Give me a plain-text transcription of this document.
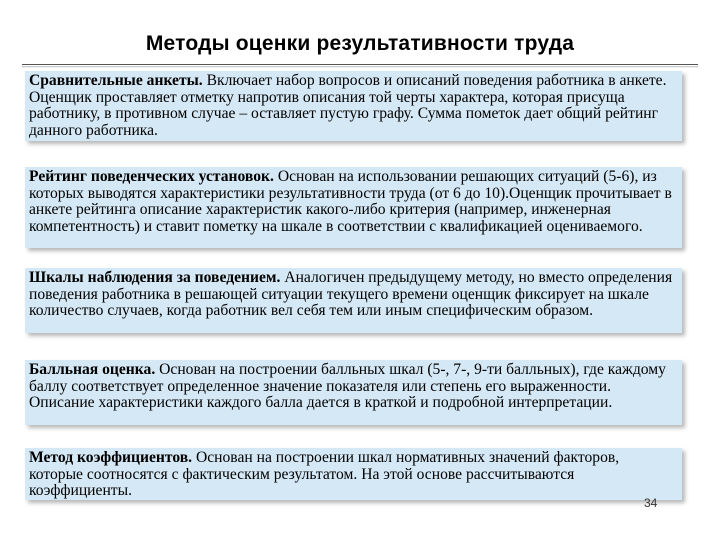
Методы оценки результативности труда
Сравнительные анкеты. Включает набор вопросов и описаний поведения работника в анкете. Оценщик проставляет отметку напротив описания той черты характера, которая присуща работнику, в противном случае – оставляет пустую графу. Сумма пометок дает общий рейтинг данного работника.
Рейтинг поведенческих установок. Основан на использовании решающих ситуаций (5-6), из которых выводятся характеристики результативности труда (от 6 до 10).Оценщик прочитывает в анкете рейтинга описание характеристик какого-либо критерия (например, инженерная компетентность) и ставит пометку на шкале в соответствии с квалификацией оцениваемого.
Шкалы наблюдения за поведением. Аналогичен предыдущему методу, но вместо определения поведения работника в решающей ситуации текущего времени оценщик фиксирует на шкале количество случаев, когда работник вел себя тем или иным специфическим образом.
Балльная оценка. Основан на построении балльных шкал (5-, 7-, 9-ти балльных), где каждому баллу соответствует определенное значение показателя или степень его выраженности. Описание характеристики каждого балла дается в краткой и подробной интерпретации.
Метод коэффициентов. Основан на построении шкал нормативных значений факторов, которые соотносятся с фактическим результатом. На этой основе рассчитываются коэффициенты.
34
